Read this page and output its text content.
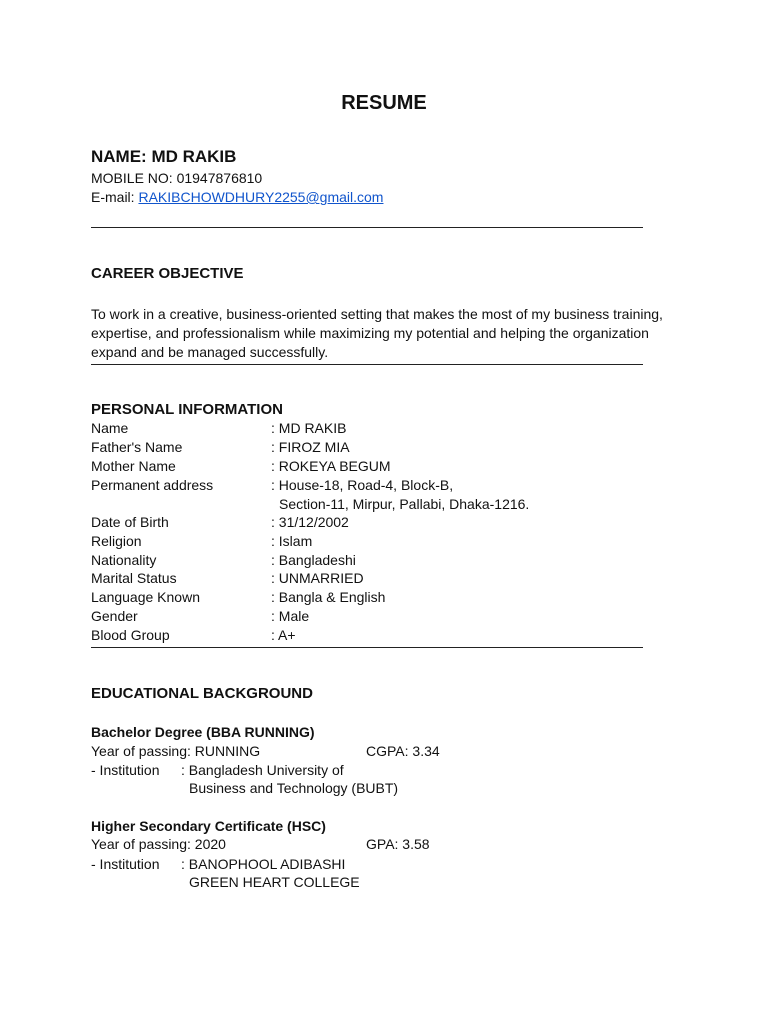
RESUME
NAME: MD RAKIB
MOBILE NO: 01947876810
E-mail: RAKIBCHOWDHURY2255@gmail.com
CAREER OBJECTIVE
To work in a creative, business-oriented setting that makes the most of my business training,
expertise, and professionalism while maximizing my potential and helping the organization
expand and be managed successfully.
PERSONAL INFORMATION
Name	: MD RAKIB
Father's Name	: FIROZ MIA
Mother Name	: ROKEYA BEGUM
Permanent address	: House-18, Road-4, Block-B,
Section-11, Mirpur, Pallabi, Dhaka-1216.
Date of Birth	: 31/12/2002
Religion	: Islam
Nationality	: Bangladeshi
Marital Status	: UNMARRIED
Language Known	: Bangla & English
Gender	: Male
Blood Group	: A+
EDUCATIONAL BACKGROUND
Bachelor Degree (BBA RUNNING)
Year of passing: RUNNING	CGPA: 3.34
- Institution : Bangladesh University of
Business and Technology (BUBT)
Higher Secondary Certificate (HSC)
Year of passing: 2020	GPA: 3.58
- Institution : BANOPHOOL ADIBASHI
GREEN HEART COLLEGE
